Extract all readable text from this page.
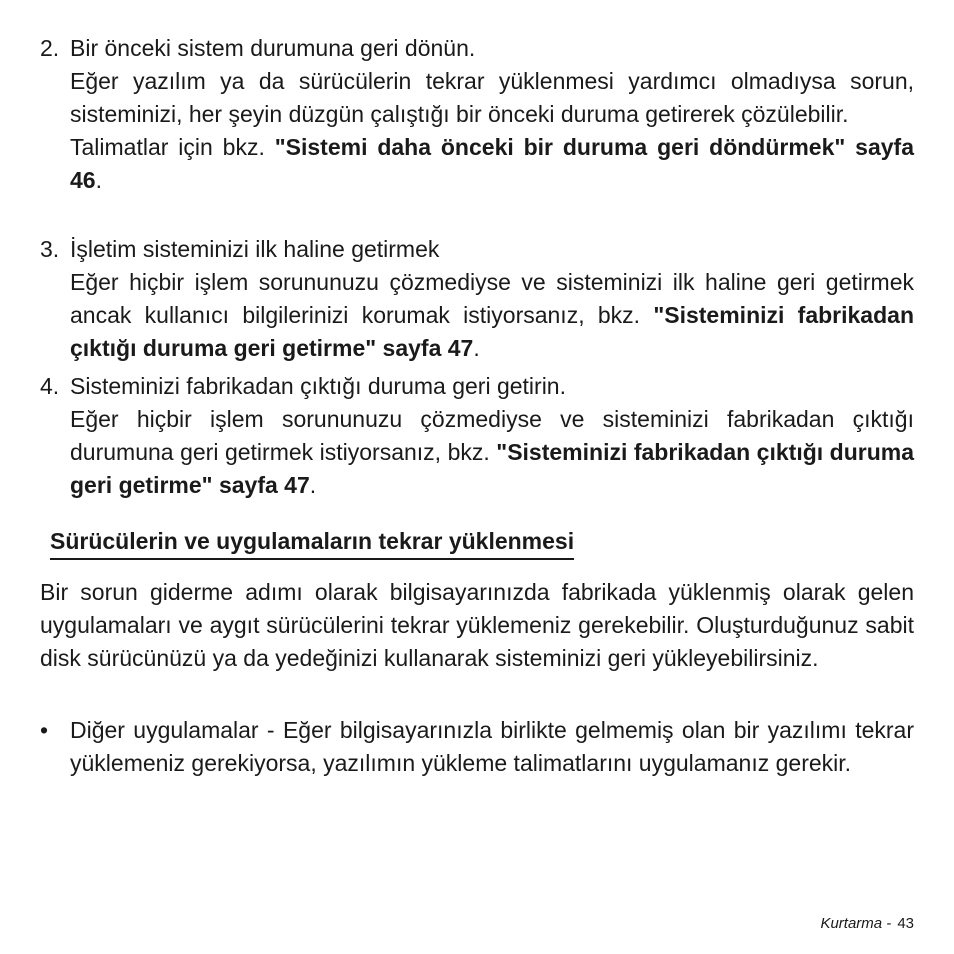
2. Bir önceki sistem durumuna geri dönün.
Eğer yazılım ya da sürücülerin tekrar yüklenmesi yardımcı olmadıysa sorun, sisteminizi, her şeyin düzgün çalıştığı bir önceki duruma getirerek çözülebilir.
Talimatlar için bkz. "Sistemi daha önceki bir duruma geri döndürmek" sayfa 46.
3. İşletim sisteminizi ilk haline getirmek
Eğer hiçbir işlem sorununuzu çözmediyse ve sisteminizi ilk haline geri getirmek ancak kullanıcı bilgilerinizi korumak istiyorsanız, bkz. "Sisteminizi fabrikadan çıktığı duruma geri getirme" sayfa 47.
4. Sisteminizi fabrikadan çıktığı duruma geri getirin.
Eğer hiçbir işlem sorununuzu çözmediyse ve sisteminizi fabrikadan çıktığı durumuna geri getirmek istiyorsanız, bkz. "Sisteminizi fabrikadan çıktığı duruma geri getirme" sayfa 47.
Sürücülerin ve uygulamaların tekrar yüklenmesi
Bir sorun giderme adımı olarak bilgisayarınızda fabrikada yüklenmiş olarak gelen uygulamaları ve aygıt sürücülerini tekrar yüklemeniz gerekebilir. Oluşturduğunuz sabit disk sürücünüzü ya da yedeğinizi kullanarak sisteminizi geri yükleyebilirsiniz.
• Diğer uygulamalar - Eğer bilgisayarınızla birlikte gelmemiş olan bir yazılımı tekrar yüklemeniz gerekiyorsa, yazılımın yükleme talimatlarını uygulamanız gerekir.
Kurtarma - 43
